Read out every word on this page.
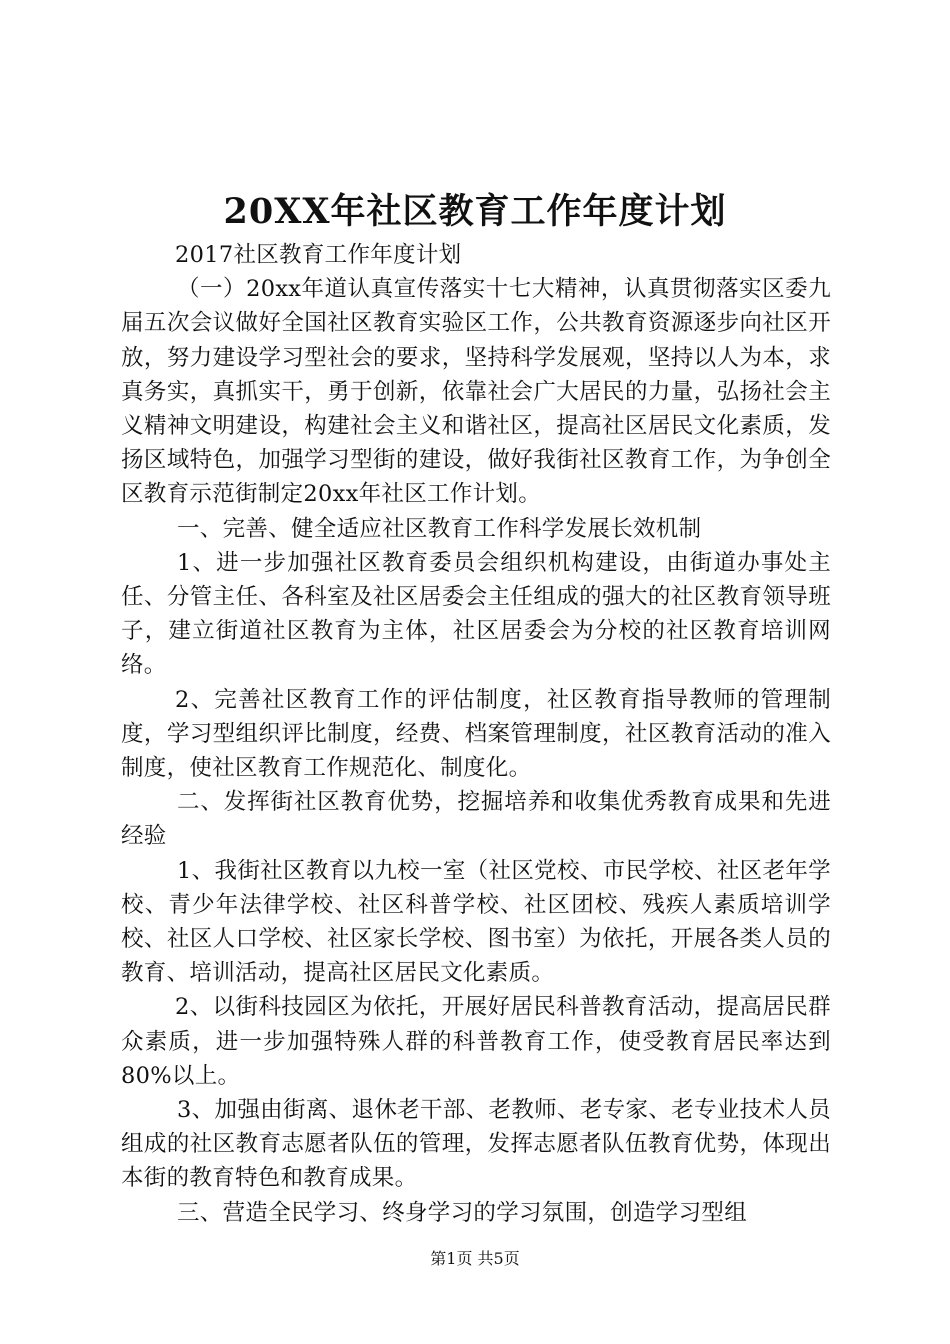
20XX年社区教育工作年度计划

2017社区教育工作年度计划

（一）20xx年道认真宣传落实十七大精神，认真贯彻落实区委九届五次会议做好全国社区教育实验区工作，公共教育资源逐步向社区开放，努力建设学习型社会的要求，坚持科学发展观，坚持以人为本，求真务实，真抓实干，勇于创新，依靠社会广大居民的力量，弘扬社会主义精神文明建设，构建社会主义和谐社区，提高社区居民文化素质，发扬区域特色，加强学习型街的建设，做好我街社区教育工作，为争创全区教育示范街制定20xx年社区工作计划。

一、完善、健全适应社区教育工作科学发展长效机制

1、进一步加强社区教育委员会组织机构建设，由街道办事处主任、分管主任、各科室及社区居委会主任组成的强大的社区教育领导班子，建立街道社区教育为主体，社区居委会为分校的社区教育培训网络。

2、完善社区教育工作的评估制度，社区教育指导教师的管理制度，学习型组织评比制度，经费、档案管理制度，社区教育活动的准入制度，使社区教育工作规范化、制度化。

二、发挥街社区教育优势，挖掘培养和收集优秀教育成果和先进经验

1、我街社区教育以九校一室（社区党校、市民学校、社区老年学校、青少年法律学校、社区科普学校、社区团校、残疾人素质培训学校、社区人口学校、社区家长学校、图书室）为依托，开展各类人员的教育、培训活动，提高社区居民文化素质。

2、以街科技园区为依托，开展好居民科普教育活动，提高居民群众素质，进一步加强特殊人群的科普教育工作，使受教育居民率达到80%以上。

3、加强由街离、退休老干部、老教师、老专家、老专业技术人员组成的社区教育志愿者队伍的管理，发挥志愿者队伍教育优势，体现出本街的教育特色和教育成果。

三、营造全民学习、终身学习的学习氛围，创造学习型组

第1页 共5页
